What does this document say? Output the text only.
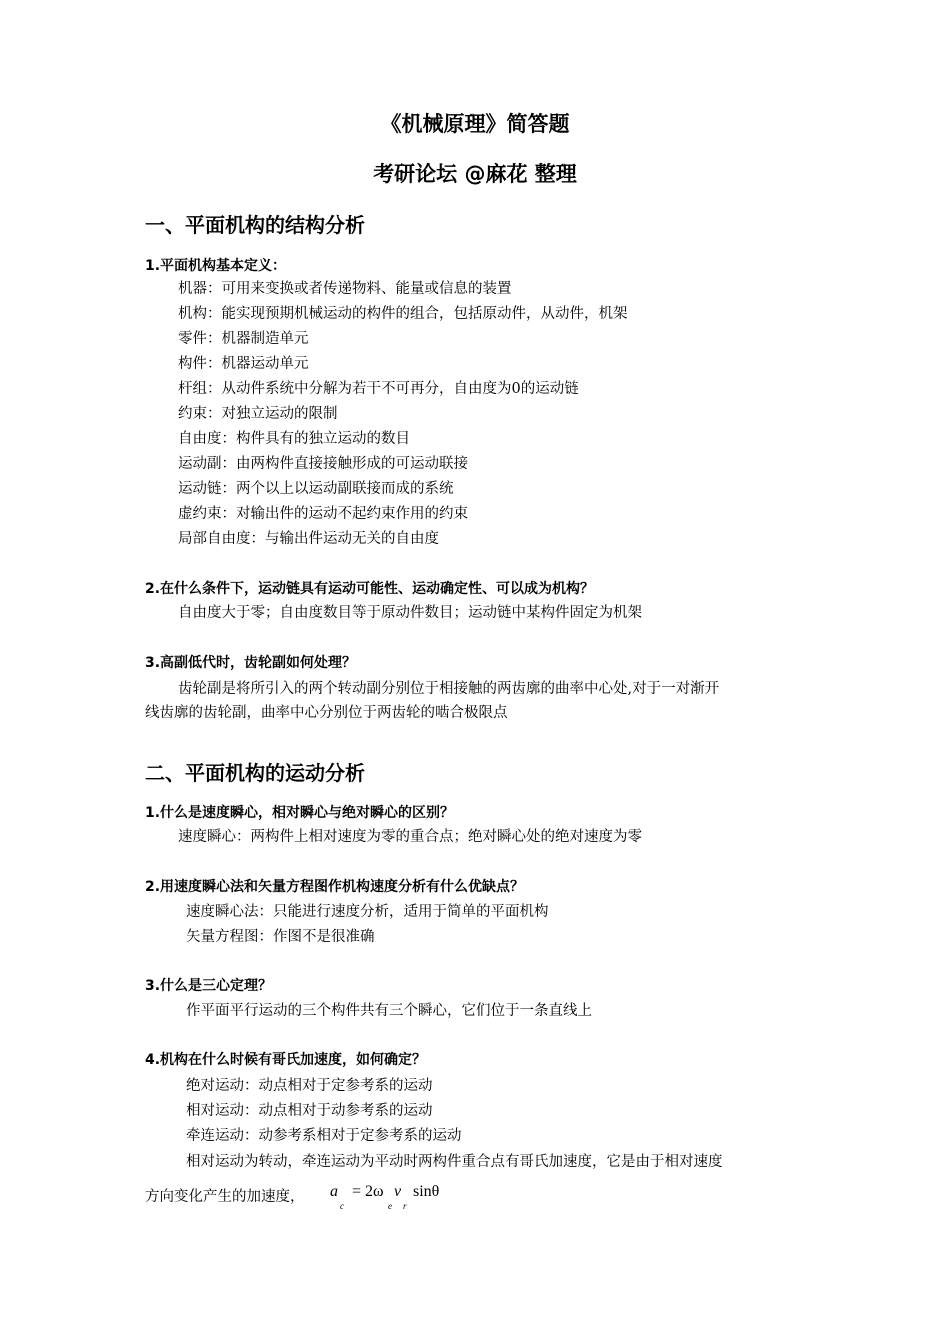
《机械原理》简答题
考研论坛 @麻花 整理
一、平面机构的结构分析
1.平面机构基本定义：
机器：可用来变换或者传递物料、能量或信息的装置
机构：能实现预期机械运动的构件的组合，包括原动件，从动件，机架
零件：机器制造单元
构件：机器运动单元
杆组：从动件系统中分解为若干不可再分，自由度为0的运动链
约束：对独立运动的限制
自由度：构件具有的独立运动的数目
运动副：由两构件直接接触形成的可运动联接
运动链：两个以上以运动副联接而成的系统
虚约束：对输出件的运动不起约束作用的约束
局部自由度：与输出件运动无关的自由度
2.在什么条件下，运动链具有运动可能性、运动确定性、可以成为机构？
自由度大于零；自由度数目等于原动件数目；运动链中某构件固定为机架
3.高副低代时，齿轮副如何处理？
齿轮副是将所引入的两个转动副分别位于相接触的两齿廓的曲率中心处,对于一对渐开
线齿廓的齿轮副，曲率中心分别位于两齿轮的啮合极限点
二、平面机构的运动分析
1.什么是速度瞬心，相对瞬心与绝对瞬心的区别？
速度瞬心：两构件上相对速度为零的重合点；绝对瞬心处的绝对速度为零
2.用速度瞬心法和矢量方程图作机构速度分析有什么优缺点？
速度瞬心法：只能进行速度分析，适用于简单的平面机构
矢量方程图：作图不是很准确
3.什么是三心定理？
作平面平行运动的三个构件共有三个瞬心，它们位于一条直线上
4.机构在什么时候有哥氏加速度，如何确定？
绝对运动：动点相对于定参考系的运动
相对运动：动点相对于动参考系的运动
牵连运动：动参考系相对于定参考系的运动
相对运动为转动，牵连运动为平动时两构件重合点有哥氏加速度，它是由于相对速度
方向变化产生的加速度， a
c
= 2ω
e
v
r
sinθ
